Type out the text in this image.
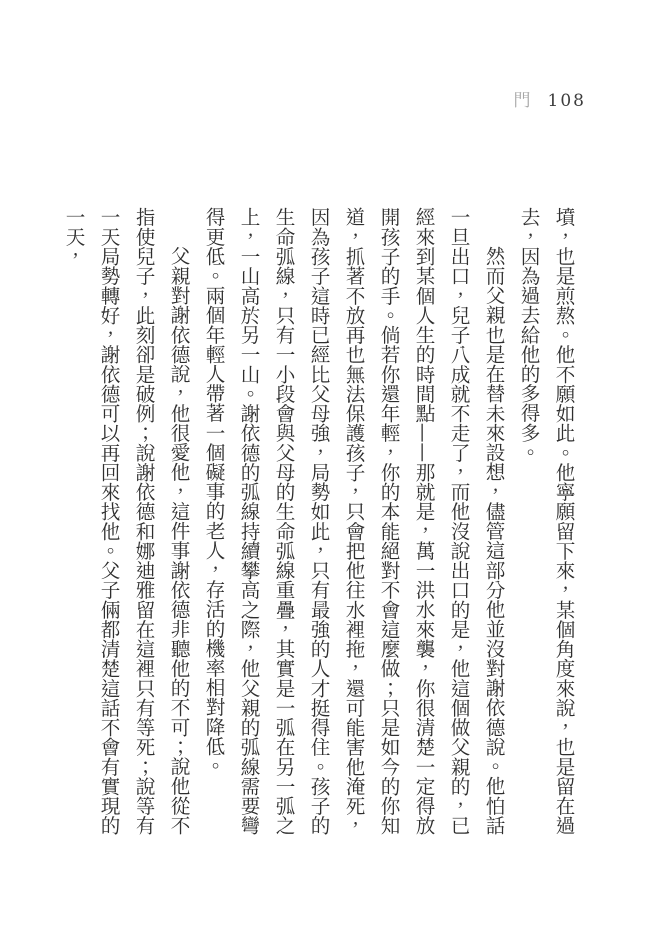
門 108

墳，也是煎熬。他不願如此。他寧願留下來，某個角度來說，也是留在過去，因為過去給他的多得多。

然而父親也是在替未來設想，儘管這部分他並沒對謝依德說。他怕話一旦出口，兒子八成就不走了，而他沒說出口的是，他這個做父親的，已經來到某個人生的時間點——那就是，萬一洪水來襲，你很清楚一定得放開孩子的手。倘若你還年輕，你的本能絕對不會這麼做；只是如今的你知道，抓著不放再也無法保護孩子，只會把他往水裡拖，還可能害他淹死，因為孩子這時已經比父母強，局勢如此，只有最強的人才挺得住。孩子的生命弧線，只有一小段會與父母的生命弧線重疊，其實是一弧在另一弧之上，一山高於另一山。謝依德的弧線持續攀高之際，他父親的弧線需要彎得更低。兩個年輕人帶著一個礙事的老人，存活的機率相對降低。

父親對謝依德說，他很愛他，這件事謝依德非聽他的不可；說他從不指使兒子，此刻卻是破例；說謝依德和娜迪雅留在這裡只有等死；說等有一天局勢轉好，謝依德可以再回來找他。父子倆都清楚這話不會有實現的一天，
